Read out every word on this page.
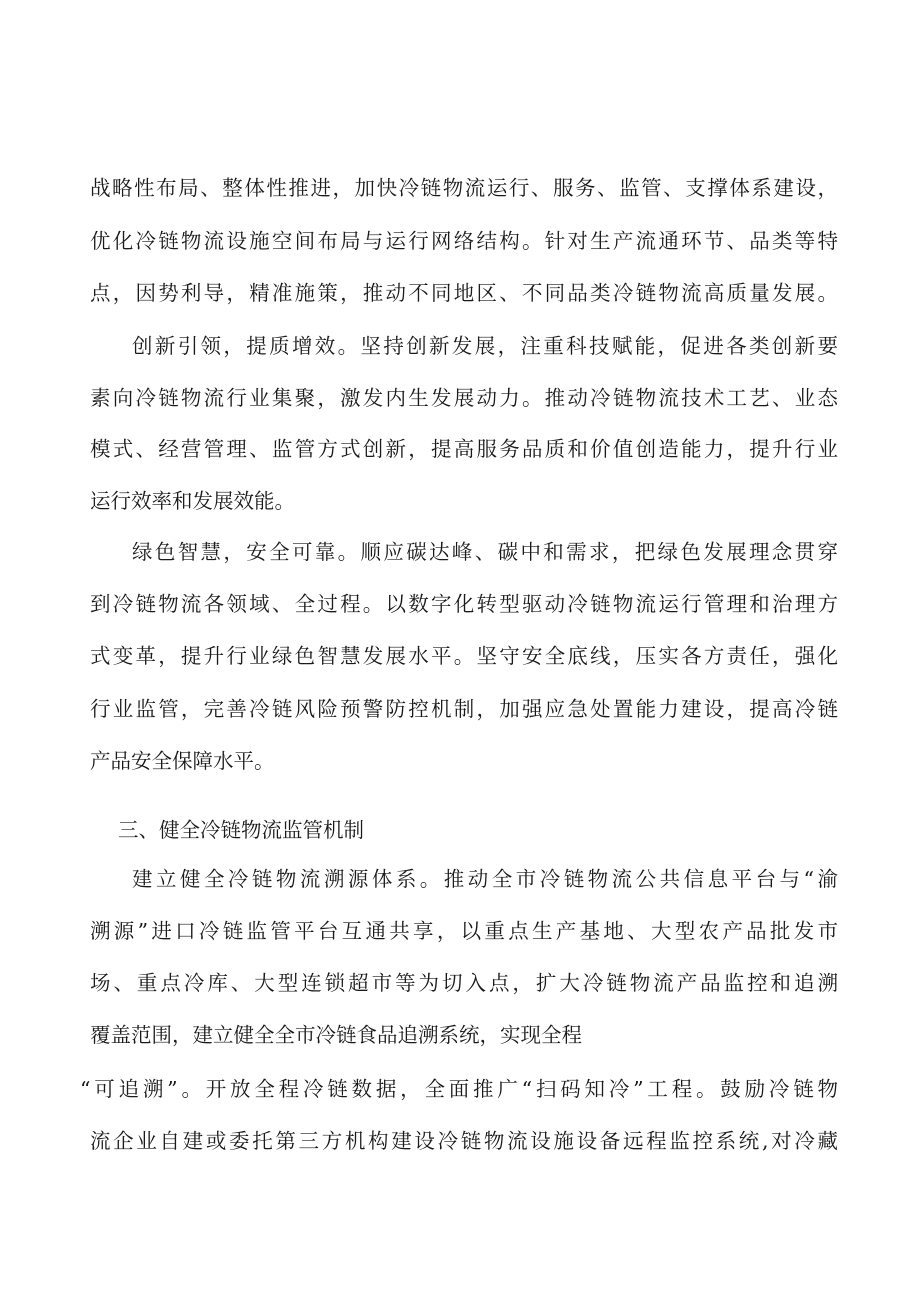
战略性布局、整体性推进，加快冷链物流运行、服务、监管、支撑体系建设，
优化冷链物流设施空间布局与运行网络结构。针对生产流通环节、品类等特
点，因势利导，精准施策，推动不同地区、不同品类冷链物流高质量发展。
创新引领，提质增效。坚持创新发展，注重科技赋能，促进各类创新要
素向冷链物流行业集聚，激发内生发展动力。推动冷链物流技术工艺、业态
模式、经营管理、监管方式创新，提高服务品质和价值创造能力，提升行业
运行效率和发展效能。
绿色智慧，安全可靠。顺应碳达峰、碳中和需求，把绿色发展理念贯穿
到冷链物流各领域、全过程。以数字化转型驱动冷链物流运行管理和治理方
式变革，提升行业绿色智慧发展水平。坚守安全底线，压实各方责任，强化
行业监管，完善冷链风险预警防控机制，加强应急处置能力建设，提高冷链
产品安全保障水平。
三、健全冷链物流监管机制
建立健全冷链物流溯源体系。推动全市冷链物流公共信息平台与“渝
溯源”进口冷链监管平台互通共享，以重点生产基地、大型农产品批发市
场、重点冷库、大型连锁超市等为切入点，扩大冷链物流产品监控和追溯
覆盖范围，建立健全全市冷链食品追溯系统，实现全程
“可追溯”。开放全程冷链数据，全面推广“扫码知冷”工程。鼓励冷链物
流企业自建或委托第三方机构建设冷链物流设施设备远程监控系统,对冷藏
